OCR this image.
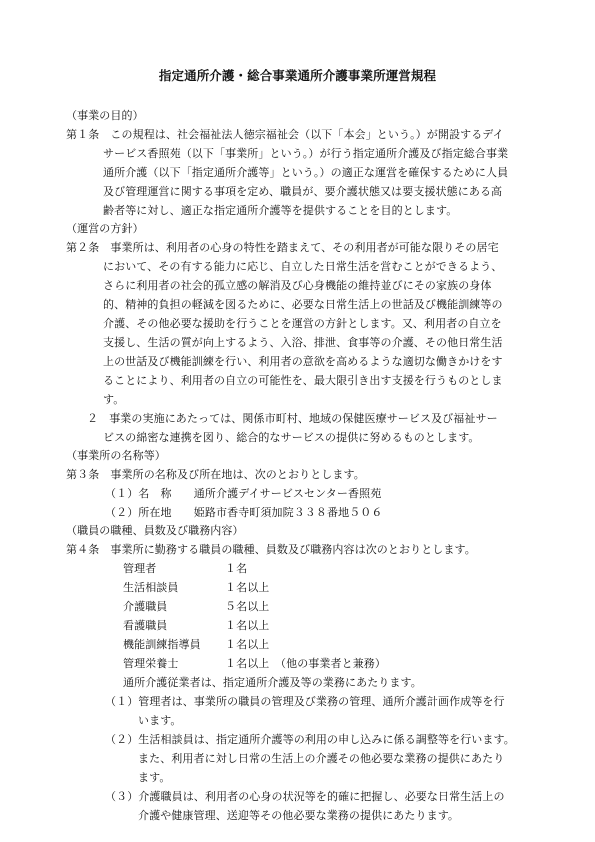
指定通所介護・総合事業通所介護事業所運営規程
（事業の目的）
第１条　この規程は、社会福祉法人徳宗福祉会（以下「本会」という。）が開設するデイ
サービス香照苑（以下「事業所」という。）が行う指定通所介護及び指定総合事業
通所介護（以下「指定通所介護等」という。）の適正な運営を確保するために人員
及び管理運営に関する事項を定め、職員が、要介護状態又は要支援状態にある高
齢者等に対し、適正な指定通所介護等を提供することを目的とします。
（運営の方針）
第２条　事業所は、利用者の心身の特性を踏まえて、その利用者が可能な限りその居宅
において、その有する能力に応じ、自立した日常生活を営むことができるよう、
さらに利用者の社会的孤立感の解消及び心身機能の維持並びにその家族の身体
的、精神的負担の軽減を図るために、必要な日常生活上の世話及び機能訓練等の
介護、その他必要な援助を行うことを運営の方針とします。又、利用者の自立を
支援し、生活の質が向上するよう、入浴、排泄、食事等の介護、その他日常生活
上の世話及び機能訓練を行い、利用者の意欲を高めるような適切な働きかけをす
ることにより、利用者の自立の可能性を、最大限引き出す支援を行うものとしま
す。
２　事業の実施にあたっては、関係市町村、地域の保健医療サービス及び福祉サー
ビスの綿密な連携を図り、総合的なサービスの提供に努めるものとします。
（事業所の名称等）
第３条　事業所の名称及び所在地は、次のとおりとします。
（１）名　称　　通所介護デイサービスセンター香照苑
（２）所在地　　姫路市香寺町須加院３３８番地５０６
（職員の職種、員数及び職務内容）
第４条　事業所に勤務する職員の職種、員数及び職務内容は次のとおりとします。
管理者	１名
生活相談員	１名以上
介護職員	５名以上
看護職員	１名以上
機能訓練指導員 １名以上
管理栄養士	１名以上　（他の事業者と兼務）
通所介護従業者は、指定通所介護及等の業務にあたります。
（１）管理者は、事業所の職員の管理及び業務の管理、通所介護計画作成等を行
います。
（２）生活相談員は、指定通所介護等の利用の申し込みに係る調整等を行います。
また、利用者に対し日常の生活上の介護その他必要な業務の提供にあたり
ます。
（３）介護職員は、利用者の心身の状況等を的確に把握し、必要な日常生活上の
介護や健康管理、送迎等その他必要な業務の提供にあたります。
